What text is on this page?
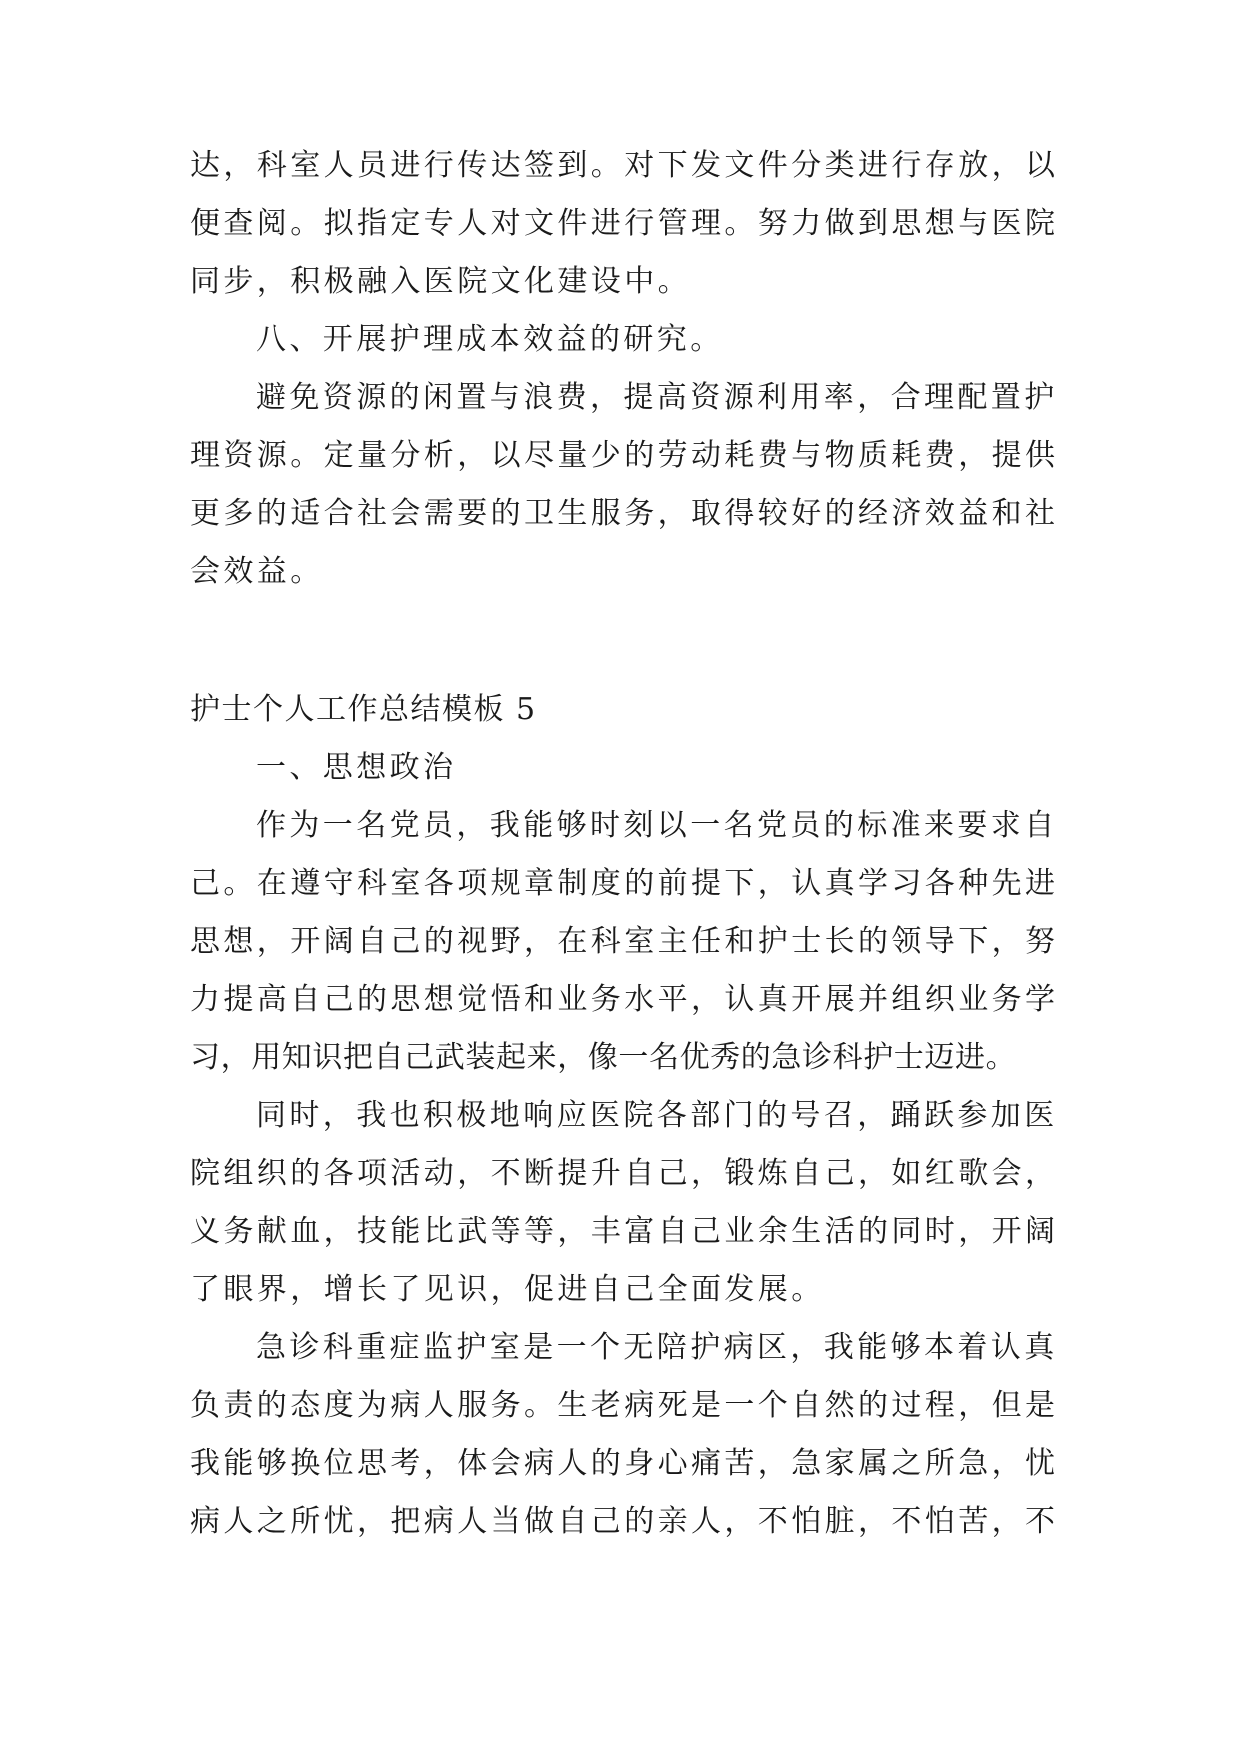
达，科室人员进行传达签到。对下发文件分类进行存放，以
便查阅。拟指定专人对文件进行管理。努力做到思想与医院
同步，积极融入医院文化建设中。
八、开展护理成本效益的研究。
避免资源的闲置与浪费，提高资源利用率，合理配置护
理资源。定量分析，以尽量少的劳动耗费与物质耗费，提供
更多的适合社会需要的卫生服务，取得较好的经济效益和社
会效益。
护士个人工作总结模板 5
一、思想政治
作为一名党员，我能够时刻以一名党员的标准来要求自
己。在遵守科室各项规章制度的前提下，认真学习各种先进
思想，开阔自己的视野，在科室主任和护士长的领导下，努
力提高自己的思想觉悟和业务水平，认真开展并组织业务学
习，用知识把自己武装起来，像一名优秀的急诊科护士迈进。
同时，我也积极地响应医院各部门的号召，踊跃参加医
院组织的各项活动，不断提升自己，锻炼自己，如红歌会，
义务献血，技能比武等等，丰富自己业余生活的同时，开阔
了眼界，增长了见识，促进自己全面发展。
急诊科重症监护室是一个无陪护病区，我能够本着认真
负责的态度为病人服务。生老病死是一个自然的过程，但是
我能够换位思考，体会病人的身心痛苦，急家属之所急，忧
病人之所忧，把病人当做自己的亲人，不怕脏，不怕苦，不
